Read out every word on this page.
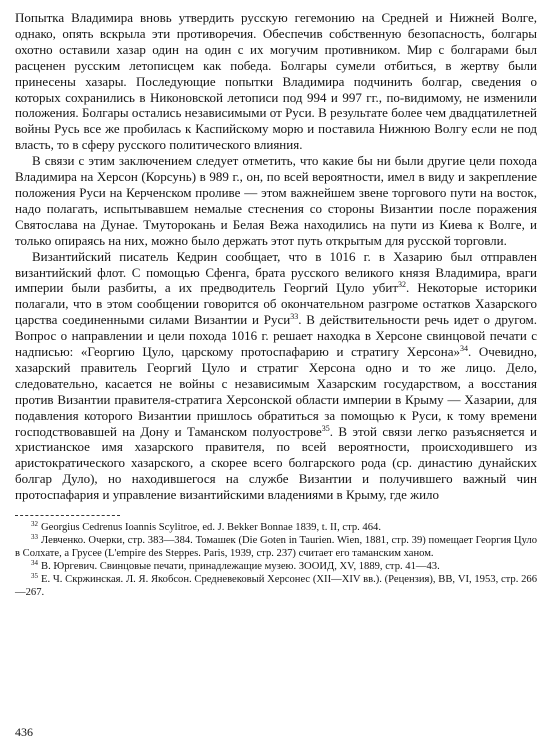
Попытка Владимира вновь утвердить русскую гегемонию на Средней и Нижней Волге, однако, опять вскрыла эти противоречия. Обеспечив собственную безопасность, болгары охотно оставили хазар один на один с их могучим противником. Мир с болгарами был расценен русским летописцем как победа. Болгары сумели отбиться, в жертву были принесены хазары. Последующие попытки Владимира подчинить болгар, сведения о которых сохранились в Никоновской летописи под 994 и 997 гг., по-видимому, не изменили положения. Болгары остались независимыми от Руси. В результате более чем двадцатилетней войны Русь все же пробилась к Каспийскому морю и поставила Нижнюю Волгу если не под власть, то в сферу русского политического влияния.

В связи с этим заключением следует отметить, что какие бы ни были другие цели похода Владимира на Херсон (Корсунь) в 989 г., он, по всей вероятности, имел в виду и закрепление положения Руси на Керченском проливе — этом важнейшем звене торгового пути на восток, надо полагать, испытывавшем немалые стеснения со стороны Византии после поражения Святослава на Дунае. Тмуторокань и Белая Вежа находились на пути из Киева к Волге, и только опираясь на них, можно было держать этот путь открытым для русской торговли.

Византийский писатель Кедрин сообщает, что в 1016 г. в Хазарию был отправлен византийский флот. С помощью Сфенга, брата русского великого князя Владимира, враги империи были разбиты, а их предводитель Георгий Цуло убит$^{32}$. Некоторые историки полагали, что в этом сообщении говорится об окончательном разгроме остатков Хазарского царства соединенными силами Византии и Руси$^{33}$. В действительности речь идет о другом. Вопрос о направлении и цели похода 1016 г. решает находка в Херсоне свинцовой печати с надписью: «Георгию Цуло, царскому протоспафарию и стратигу Херсона»$^{34}$. Очевидно, хазарский правитель Георгий Цуло и стратиг Херсона одно и то же лицо. Дело, следовательно, касается не войны с независимым Хазарским государством, а восстания против Византии правителя-стратига Херсонской области империи в Крыму — Хазарии, для подавления которого Византии пришлось обратиться за помощью к Руси, к тому времени господствовавшей на Дону и Таманском полуострове$^{35}$. В этой связи легко разъясняется и христианское имя хазарского правителя, по всей вероятности, происходившего из аристократического хазарского, а скорее всего болгарского рода (ср. династию дунайских болгар Дуло), но находившегося на службе Византии и получившего важный чин протоспафария и управление византийскими владениями в Крыму, где жило

$^{32}$ Georgius Cedrenus Ioannis Scylitroe, ed. J. Bekker Bonnae 1839, t. II, стр. 464.

$^{33}$ Левченко. Очерки, стр. 383—384. Томашек (Die Goten in Taurien. Wien, 1881, стр. 39) помещает Георгия Цуло в Солхате, а Грусее (L'empire des Steppes. Paris, 1939, стр. 237) считает его таманским ханом.

$^{34}$ В. Юргевич. Свинцовые печати, принадлежащие музею. ЗООИД, XV, 1889, стр. 41—43.

$^{35}$ Е. Ч. Скржинская. Л. Я. Якобсон. Средневековый Херсонес (XII—XIV вв.). (Рецензия), ВВ, VI, 1953, стр. 266—267.

436
